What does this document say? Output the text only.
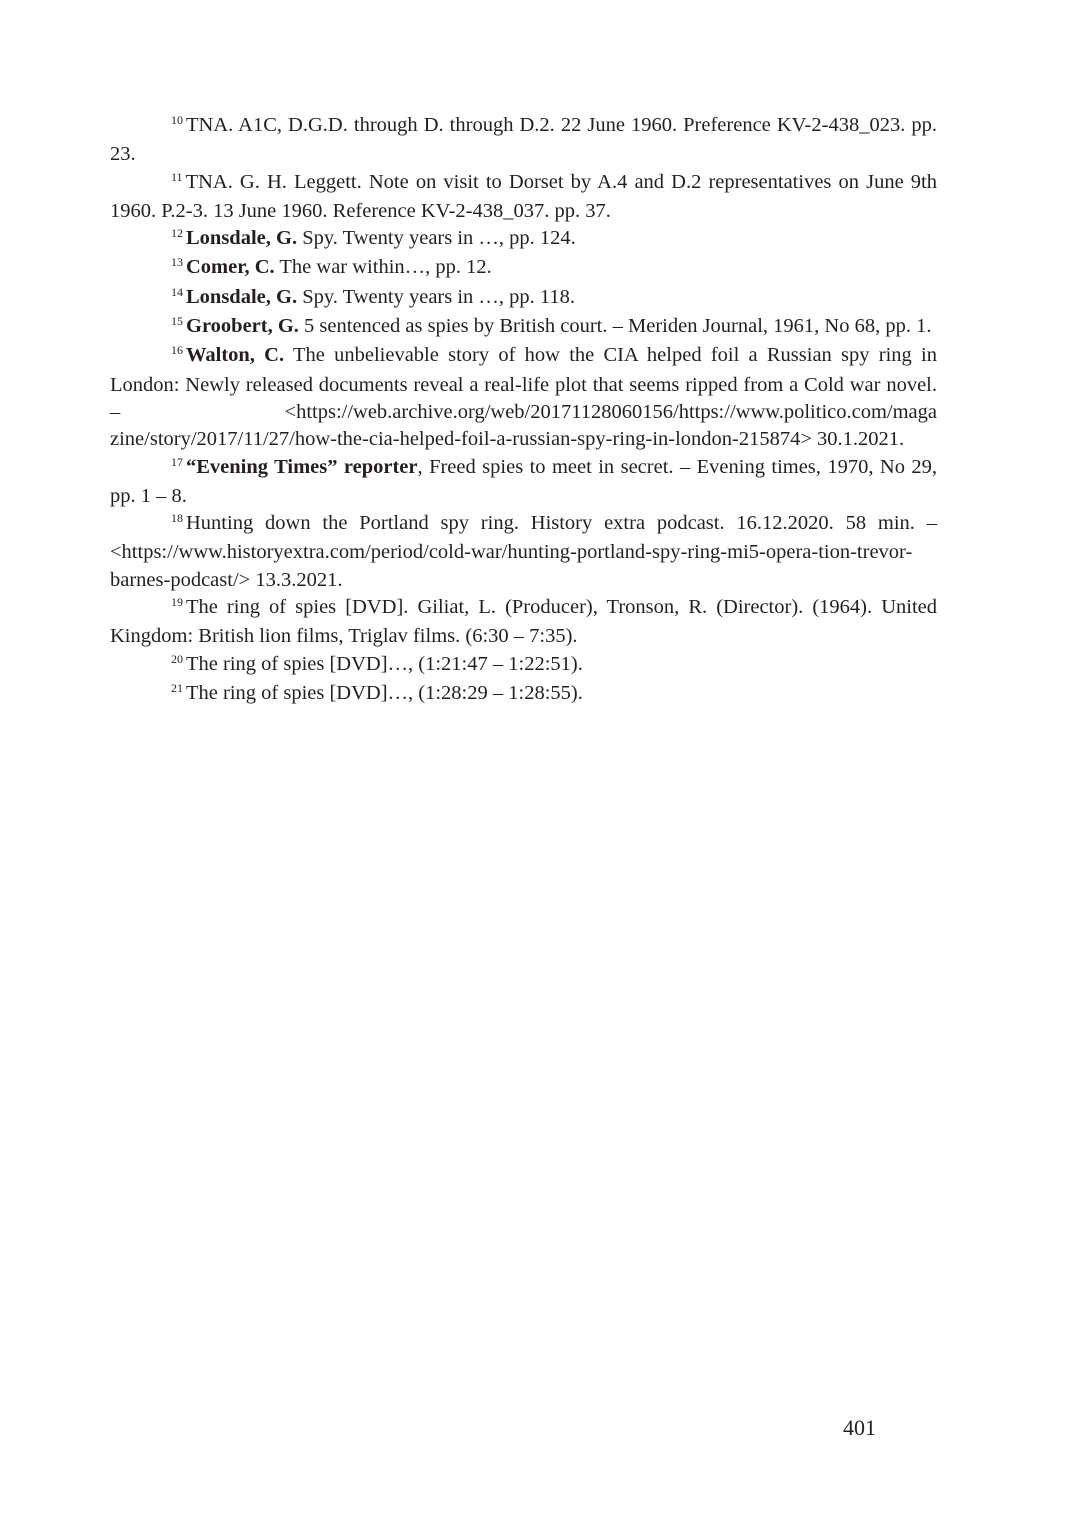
$^{10}$ TNA. A1C, D.G.D. through D. through D.2. 22 June 1960. Preference KV-2-438_023. pp. 23.

$^{11}$ TNA. G. H. Leggett. Note on visit to Dorset by A.4 and D.2 representatives on June 9th 1960. P.2-3. 13 June 1960. Reference KV-2-438_037. pp. 37.

$^{12}$ Lonsdale, G. Spy. Twenty years in …, pp. 124.

$^{13}$ Comer, C. The war within…, pp. 12.

$^{14}$ Lonsdale, G. Spy. Twenty years in …, pp. 118.

$^{15}$ Groobert, G. 5 sentenced as spies by British court. – Meriden Journal, 1961, No 68, pp. 1.

$^{16}$ Walton, C. The unbelievable story of how the CIA helped foil a Russian spy ring in London: Newly released documents reveal a real-life plot that seems ripped from a Cold war novel. – <https://web.archive.org/web/20171128060156/https://www.politico.com/maga zine/story/2017/11/27/how-the-cia-helped-foil-a-russian-spy-ring-in-london-215874> 30.1.2021.

$^{17}$ “Evening Times” reporter, Freed spies to meet in secret. – Evening times, 1970, No 29, pp. 1 – 8.

$^{18}$ Hunting down the Portland spy ring. History extra podcast. 16.12.2020. 58 min. –<https://www.historyextra.com/period/cold-war/hunting-portland-spy-ring-mi5-opera-tion-trevor-barnes-podcast/> 13.3.2021.

$^{19}$ The ring of spies [DVD]. Giliat, L. (Producer), Tronson, R. (Director). (1964). United Kingdom: British lion films, Triglav films. (6:30 – 7:35).

$^{20}$ The ring of spies [DVD]…, (1:21:47 – 1:22:51).

$^{21}$ The ring of spies [DVD]…, (1:28:29 – 1:28:55).

401
